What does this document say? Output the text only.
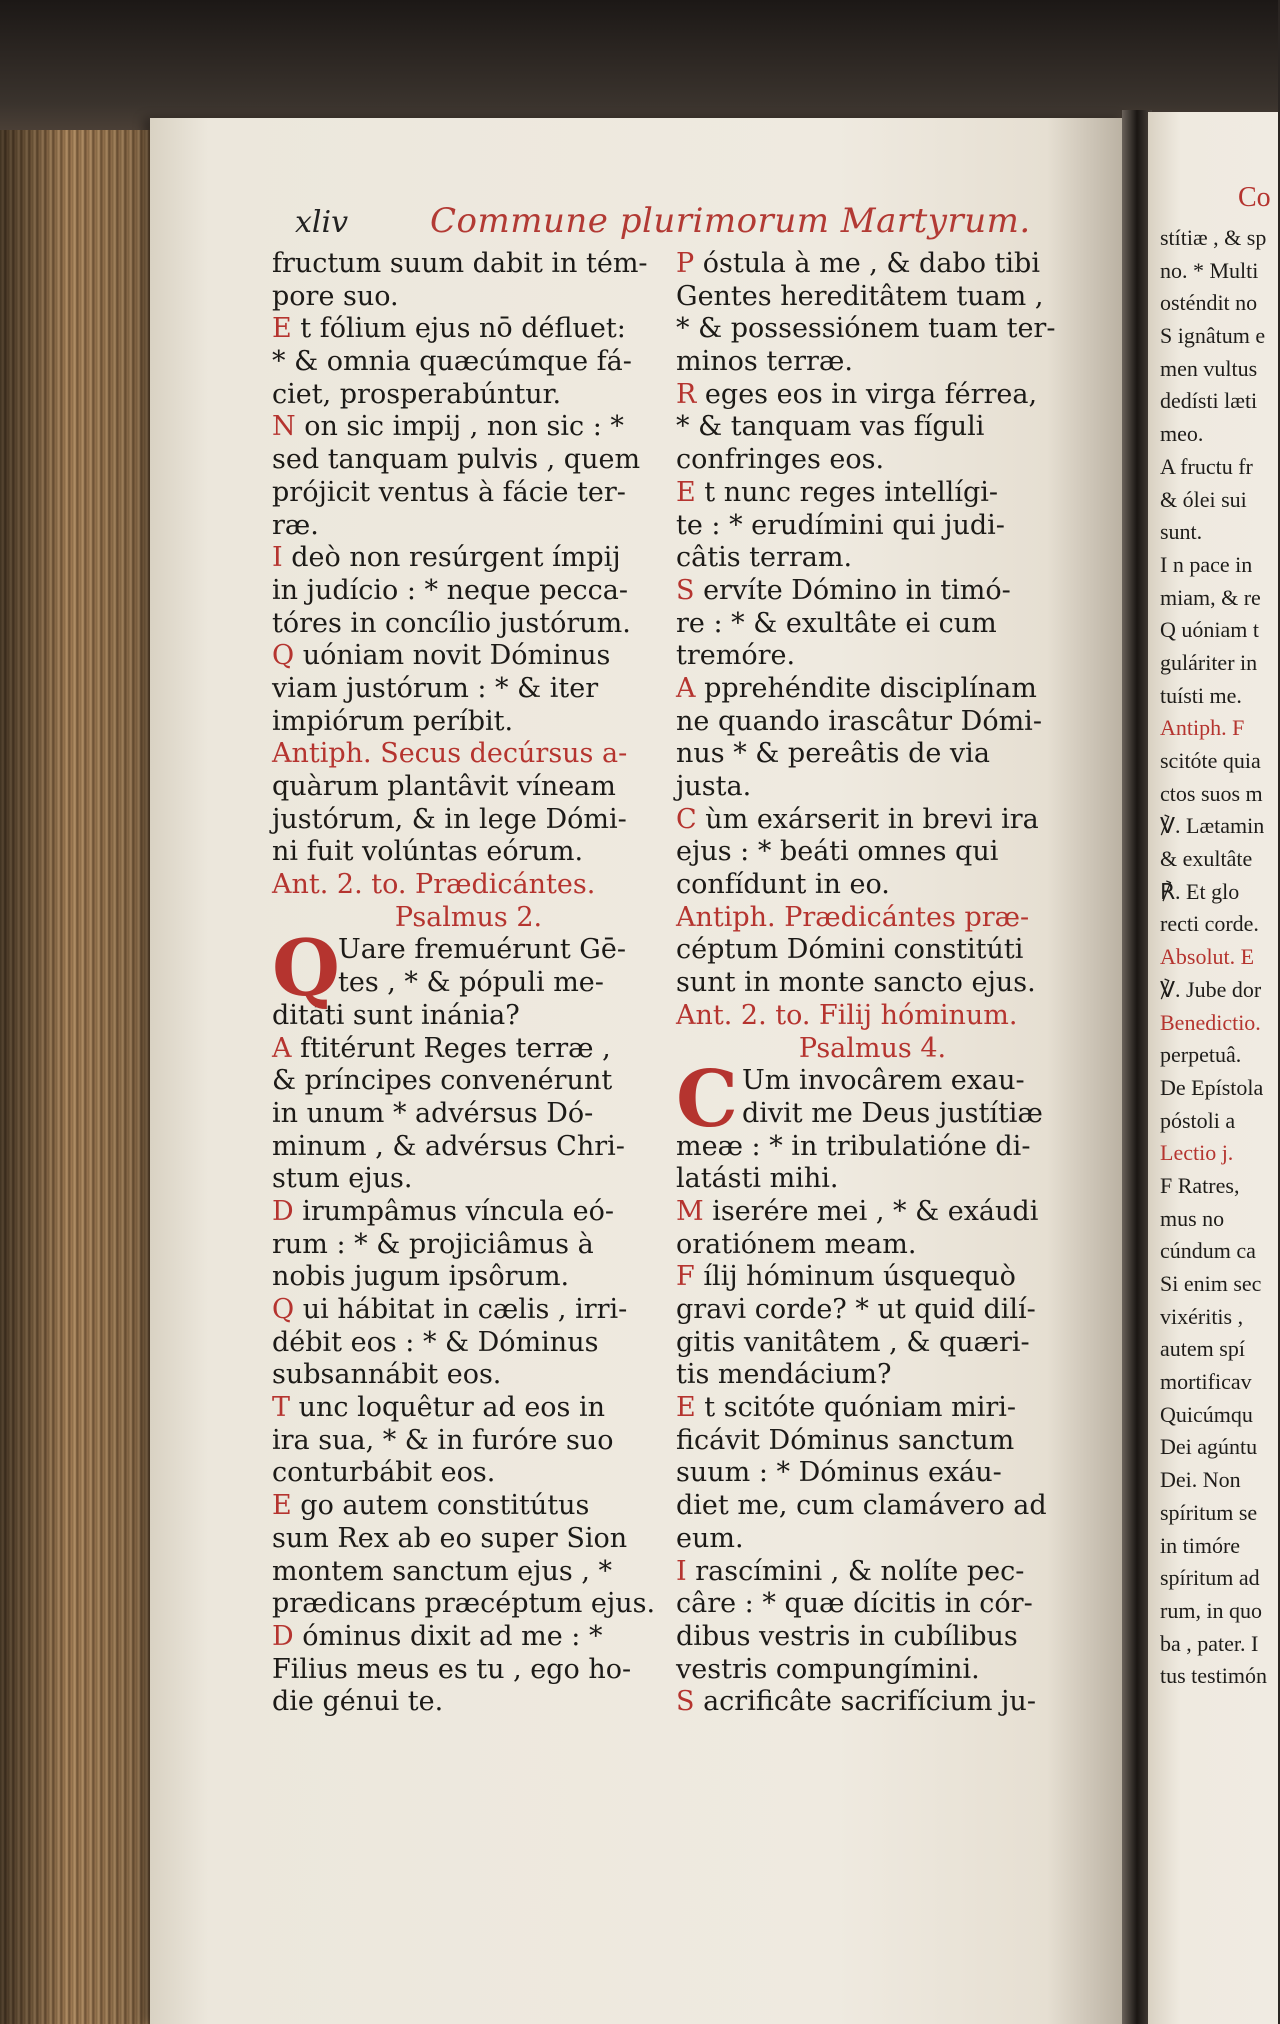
xliv Commune plurimorum Martyrum.
fructum suum dabit in tém-
pore suo.
E t fólium ejus nō défluet:
* & omnia quæcúmque fá-
ciet, prosperabúntur.
N on sic impij , non sic : *
sed tanquam pulvis , quem
prójicit ventus à fácie ter-
ræ.
I deò non resúrgent ímpij
in judício : * neque pecca-
tóres in concílio justórum.
Q uóniam novit Dóminus
viam justórum : * & iter
impiórum períbit.
Antiph. Secus decúrsus a-
quàrum plantâvit víneam
justórum, & in lege Dómi-
ni fuit volúntas eórum.
Ant. 2. to. Prædicántes.
Psalmus 2.
Q
Uare fremuérunt Gē-
tes , * & pópuli me-
ditáti sunt inánia?
A ftitérunt Reges terræ ,
& príncipes convenérunt
in unum * advérsus Dó-
minum , & advérsus Chri-
stum ejus.
D irumpâmus víncula eó-
rum : * & projiciâmus à
nobis jugum ipsôrum.
Q ui hábitat in cælis , irri-
débit eos : * & Dóminus
subsannábit eos.
T unc loquêtur ad eos in
ira sua, * & in furóre suo
conturbábit eos.
E go autem constitútus
sum Rex ab eo super Sion
montem sanctum ejus , *
prædicans præcéptum ejus.
D óminus dixit ad me : *
Filius meus es tu , ego ho-
die génui te.
P óstula à me , & dabo tibi
Gentes hereditâtem tuam ,
* & possessiónem tuam ter-
minos terræ.
R eges eos in virga férrea,
* & tanquam vas fíguli
confringes eos.
E t nunc reges intellígi-
te : * erudímini qui judi-
câtis terram.
S ervíte Dómino in timó-
re : * & exultâte ei cum
tremóre.
A pprehéndite disciplínam
ne quando irascâtur Dómi-
nus * & pereâtis de via
justa.
C ùm exárserit in brevi ira
ejus : * beáti omnes qui
confídunt in eo.
Antiph. Prædicántes præ-
céptum Dómini constitúti
sunt in monte sancto ejus.
Ant. 2. to. Filij hóminum.
Psalmus 4.
C Um invocârem exau-
divit me Deus justítiæ
meæ : * in tribulatióne di-
latásti mihi.
M iserére mei , * & exáudi
oratiónem meam.
F ílij hóminum úsquequò
gravi corde? * ut quid dilí-
gitis vanitâtem , & quæri-
tis mendácium?
E t scitóte quóniam miri-
ficávit Dóminus sanctum
suum : * Dóminus exáu-
diet me, cum clamávero ad
eum.
I rascímini , & nolíte pec-
câre : * quæ dícitis in cór-
dibus vestris in cubílibus
vestris compungímini.
S acrificâte sacrifícium ju-
Co
stítiæ , & sp
no. * Multi
osténdit no
S ignâtum e
men vultus
dedísti læti
meo.
A fructu fr
& ólei sui
sunt.
I n pace in
miam, & re
Q uóniam t
guláriter in
tuísti me.
Antiph. F
scitóte quia
ctos suos m
℣. Lætamin
& exultâte
℟. Et glo
recti corde.
Absolut. E
℣. Jube dor
Benedictio.
perpetuâ.
De Epístola
póstoli a
Lectio j.
F Ratres,
mus no
cúndum ca
Si enim sec
vixéritis ,
autem spí
mortificav
Quicúmqu
Dei agúntu
Dei. Non
spíritum se
in timóre
spíritum ad
rum, in quo
ba , pater. I
tus testimón
